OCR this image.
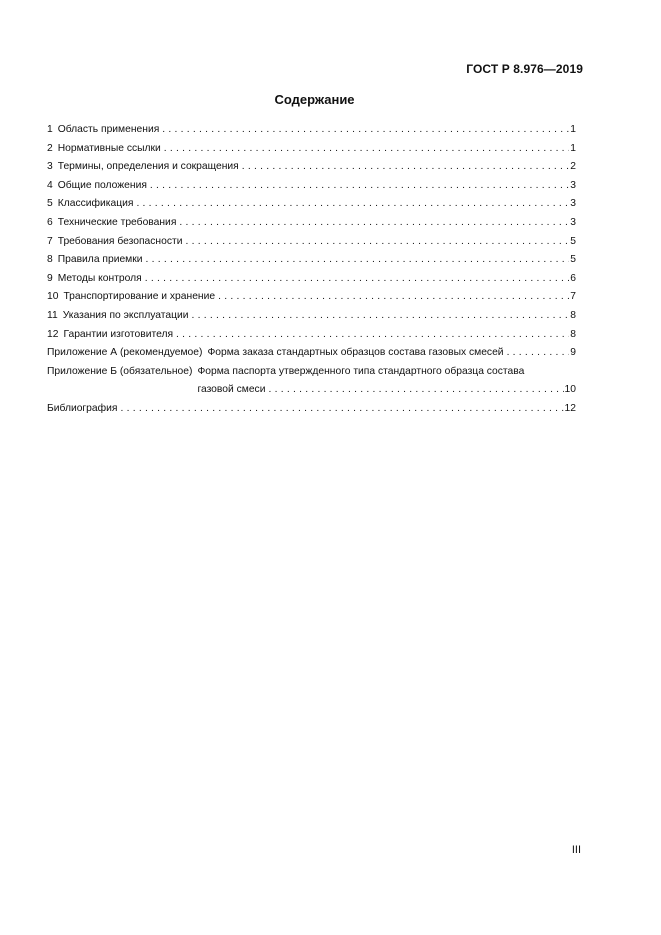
ГОСТ Р 8.976—2019
Содержание
1 Область применения . . .	1
2 Нормативные ссылки . . .	1
3 Термины, определения и сокращения . . .	2
4 Общие положения . . .	3
5 Классификация . . .	3
6 Технические требования . . .	3
7 Требования безопасности . . .	5
8 Правила приемки . . .	5
9 Методы контроля . . .	6
10 Транспортирование и хранение . . .	7
11 Указания по эксплуатации . . .	8
12 Гарантии изготовителя . . .	8
Приложение А (рекомендуемое) Форма заказа стандартных образцов состава газовых смесей . . .	9
Приложение Б (обязательное) Форма паспорта утвержденного типа стандартного образца состава
газовой смеси . . .	10
Библиография . . .	12
III
